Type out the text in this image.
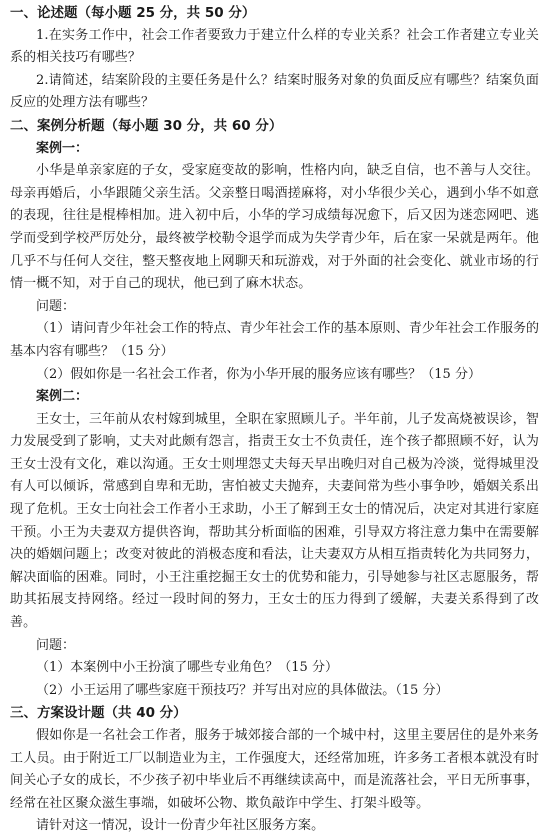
一、论述题（每小题 25 分，共 50 分）

1.在实务工作中，社会工作者要致力于建立什么样的专业关系？社会工作者建立专业关系的相关技巧有哪些？

2.请简述，结案阶段的主要任务是什么？结案时服务对象的负面反应有哪些？结案负面反应的处理方法有哪些？

二、案例分析题（每小题 30 分，共 60 分）

案例一：

小华是单亲家庭的子女，受家庭变故的影响，性格内向，缺乏自信，也不善与人交往。母亲再婚后，小华跟随父亲生活。父亲整日喝酒搓麻将，对小华很少关心，遇到小华不如意的表现，往往是棍棒相加。进入初中后，小华的学习成绩每况愈下，后又因为迷恋网吧、逃学而受到学校严厉处分，最终被学校勒令退学而成为失学青少年，后在家一呆就是两年。他几乎不与任何人交往，整天整夜地上网聊天和玩游戏，对于外面的社会变化、就业市场的行情一概不知，对于自己的现状，他已到了麻木状态。

问题：

（1）请问青少年社会工作的特点、青少年社会工作的基本原则、青少年社会工作服务的基本内容有哪些？（15 分）

（2）假如你是一名社会工作者，你为小华开展的服务应该有哪些？（15 分）

案例二：

王女士，三年前从农村嫁到城里，全职在家照顾儿子。半年前，儿子发高烧被误诊，智力发展受到了影响，丈夫对此颇有怨言，指责王女士不负责任，连个孩子都照顾不好，认为王女士没有文化，难以沟通。王女士则埋怨丈夫每天早出晚归对自己极为冷淡，觉得城里没有人可以倾诉，常感到自卑和无助，害怕被丈夫抛弃，夫妻间常为些小事争吵，婚姻关系出现了危机。王女士向社会工作者小王求助，小王了解到王女士的情况后，决定对其进行家庭干预。小王为夫妻双方提供咨询，帮助其分析面临的困难，引导双方将注意力集中在需要解决的婚姻问题上；改变对彼此的消极态度和看法，让夫妻双方从相互指责转化为共同努力，解决面临的困难。同时，小王注重挖掘王女士的优势和能力，引导她参与社区志愿服务，帮助其拓展支持网络。经过一段时间的努力，王女士的压力得到了缓解，夫妻关系得到了改善。

问题：

（1）本案例中小王扮演了哪些专业角色？（15 分）

（2）小王运用了哪些家庭干预技巧？并写出对应的具体做法。（15 分）

三、方案设计题（共 40 分）

假如你是一名社会工作者，服务于城郊接合部的一个城中村，这里主要居住的是外来务工人员。由于附近工厂以制造业为主，工作强度大，还经常加班，许多务工者根本就没有时间关心子女的成长，不少孩子初中毕业后不再继续读高中，而是流落社会，平日无所事事，经常在社区聚众滋生事端，如破坏公物、欺负敲诈中学生、打架斗殴等。

请针对这一情况，设计一份青少年社区服务方案。
